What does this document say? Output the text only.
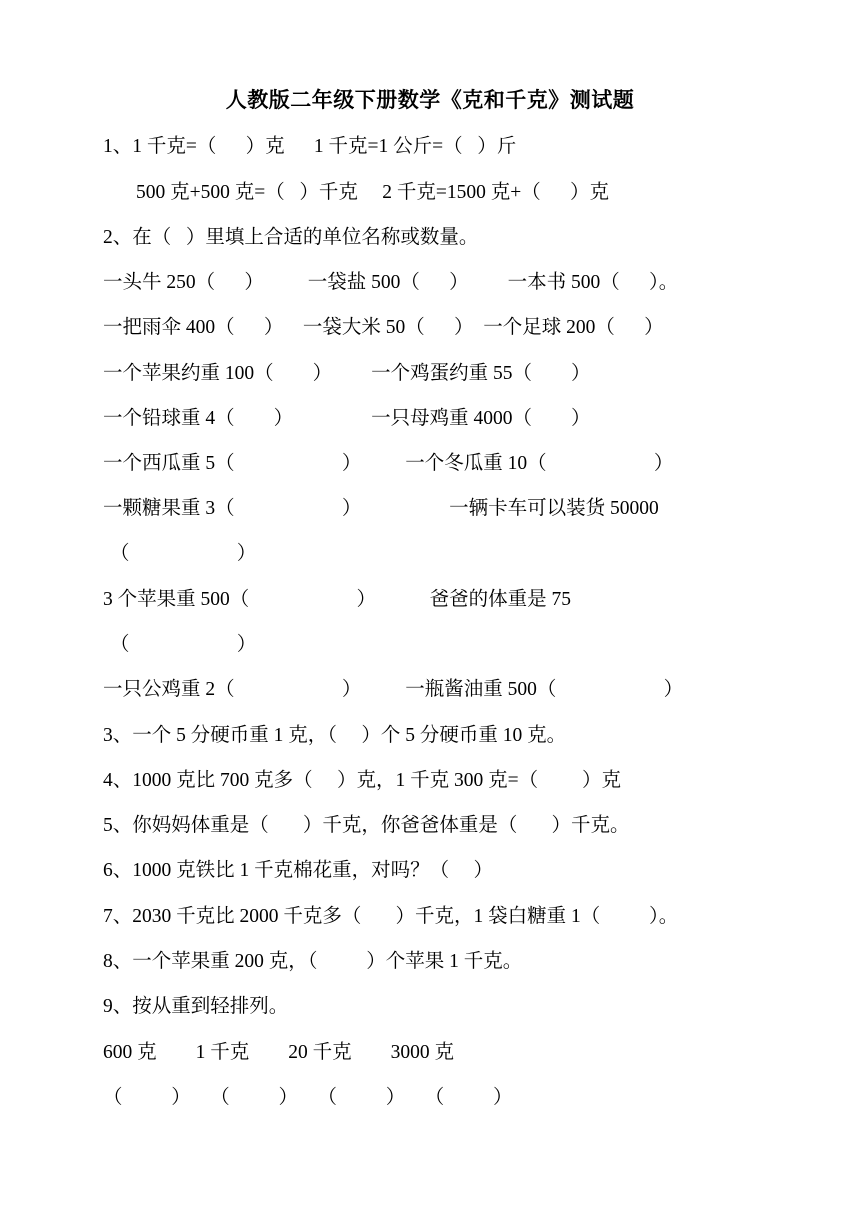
人教版二年级下册数学《克和千克》测试题
1、1 千克=（      ）克      1 千克=1 公斤=（   ）斤
500 克+500 克=（   ）千克     2 千克=1500 克+（      ）克
2、在（   ）里填上合适的单位名称或数量。
一头牛 250（      ）         一袋盐 500（      ）        一本书 500（      ）。
一把雨伞 400（      ）    一袋大米 50（      ）  一个足球 200（      ）
一个苹果约重 100（        ）        一个鸡蛋约重 55（        ）
一个铅球重 4（        ）                一只母鸡重 4000（        ）
一个西瓜重 5（                      ）         一个冬瓜重 10（                      ）
一颗糖果重 3（                      ）                  一辆卡车可以装货 50000
（                      ）
3 个苹果重 500（                      ）           爸爸的体重是 75
（                      ）
一只公鸡重 2（                      ）         一瓶酱油重 500（                      ）
3、一个 5 分硬币重 1 克，（     ）个 5 分硬币重 10 克。
4、1000 克比 700 克多（     ）克，1 千克 300 克=（         ）克
5、你妈妈体重是（       ）千克，你爸爸体重是（       ）千克。
6、1000 克铁比 1 千克棉花重，对吗？（     ）
7、2030 千克比 2000 千克多（       ）千克，1 袋白糖重 1（          ）。
8、一个苹果重 200 克，（          ）个苹果 1 千克。
9、按从重到轻排列。
600 克        1 千克        20 千克        3000 克
（          ）    （          ）    （          ）    （          ）
